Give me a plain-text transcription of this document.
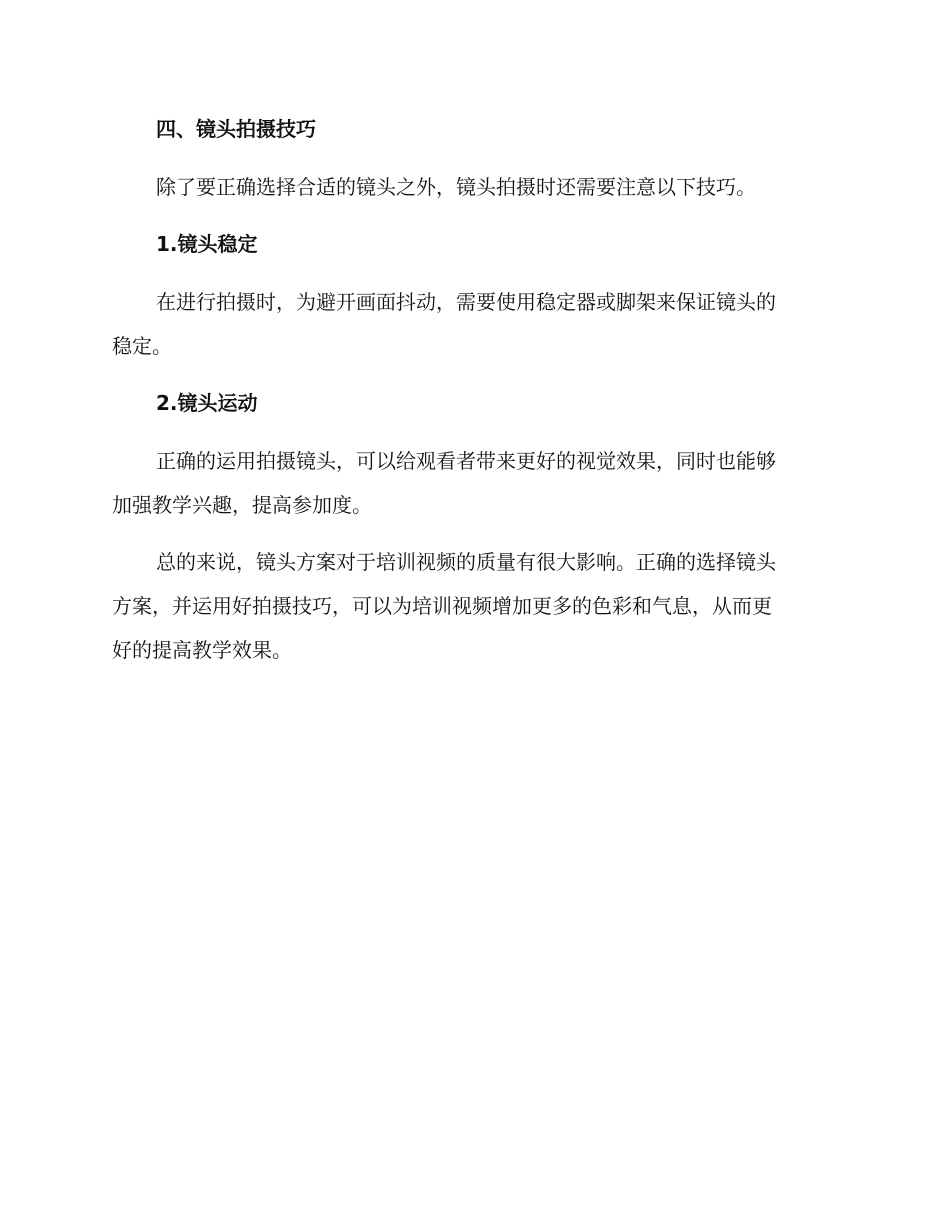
四、镜头拍摄技巧
除了要正确选择合适的镜头之外，镜头拍摄时还需要注意以下技巧。
1.镜头稳定
在进行拍摄时，为避开画面抖动，需要使用稳定器或脚架来保证镜头的
稳定。
2.镜头运动
正确的运用拍摄镜头，可以给观看者带来更好的视觉效果，同时也能够
加强教学兴趣，提高参加度。
总的来说，镜头方案对于培训视频的质量有很大影响。正确的选择镜头
方案，并运用好拍摄技巧，可以为培训视频增加更多的色彩和气息，从而更
好的提高教学效果。
